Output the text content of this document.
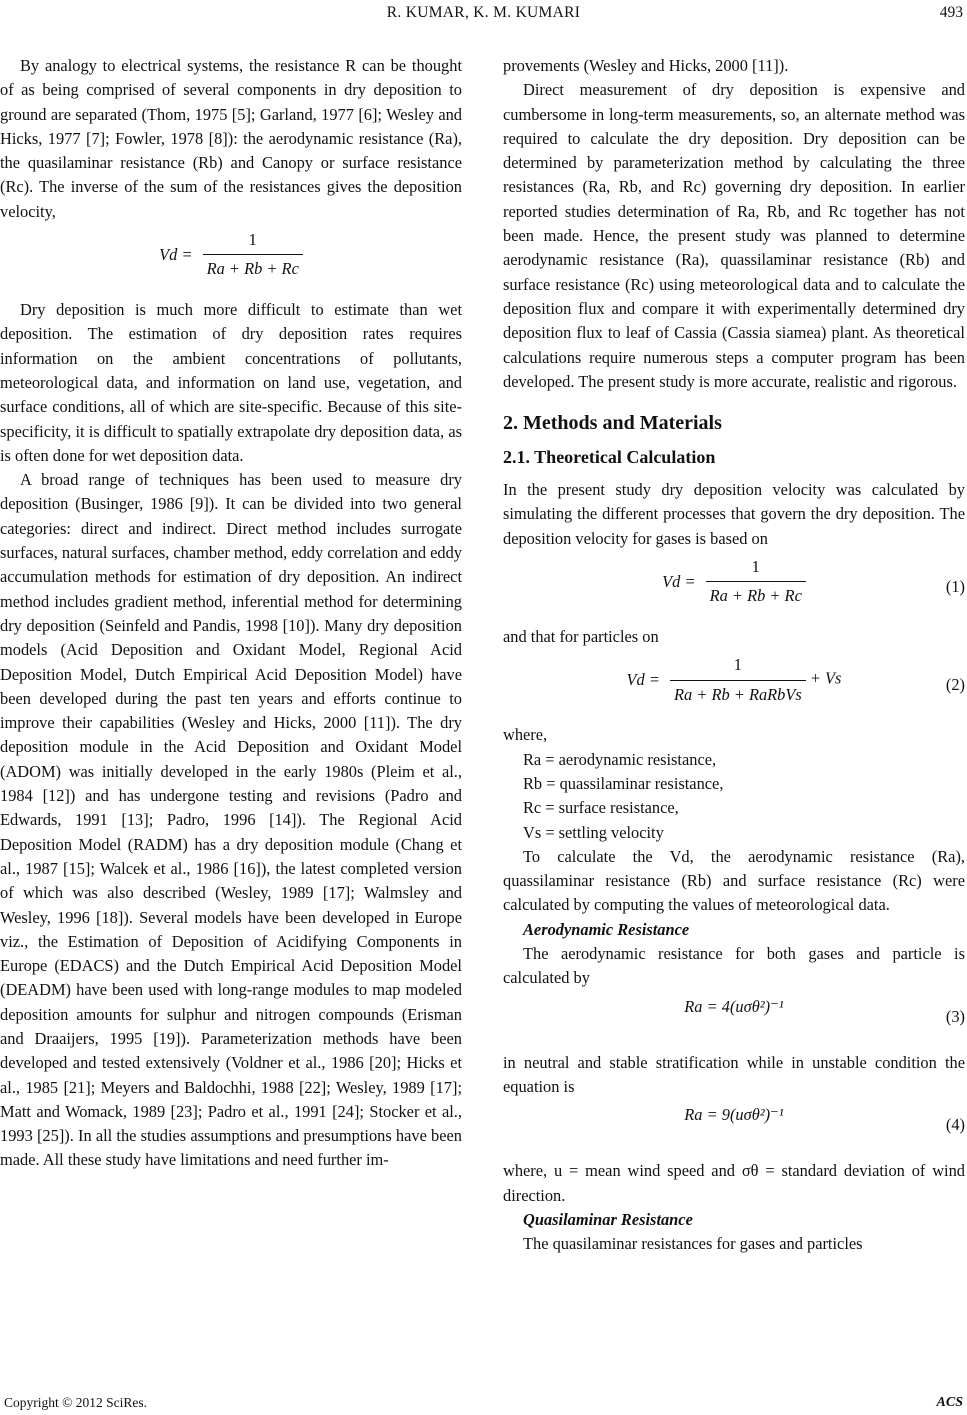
R. KUMAR, K. M. KUMARI	493

By analogy to electrical systems, the resistance R can be thought of as being comprised of several components in dry deposition to ground are separated (Thom, 1975 [5]; Garland, 1977 [6]; Wesley and Hicks, 1977 [7]; Fowler, 1978 [8]): the aerodynamic resistance (Ra), the quasilaminar resistance (Rb) and Canopy or surface resistance (Rc). The inverse of the sum of the resistances gives the deposition velocity,

Vd = 1
Ra + Rb + Rc

Dry deposition is much more difficult to estimate than wet deposition. The estimation of dry deposition rates requires information on the ambient concentrations of pollutants, meteorological data, and information on land use, vegetation, and surface conditions, all of which are site-specific. Because of this site-specificity, it is difficult to spatially extrapolate dry deposition data, as is often done for wet deposition data.

A broad range of techniques has been used to measure dry deposition (Businger, 1986 [9]). It can be divided into two general categories: direct and indirect. Direct method includes surrogate surfaces, natural surfaces, chamber method, eddy correlation and eddy accumulation methods for estimation of dry deposition. An indirect method includes gradient method, inferential method for determining dry deposition (Seinfeld and Pandis, 1998 [10]). Many dry deposition models (Acid Deposition and Oxidant Model, Regional Acid Deposition Model, Dutch Empirical Acid Deposition Model) have been developed during the past ten years and efforts continue to improve their capabilities (Wesley and Hicks, 2000 [11]). The dry deposition module in the Acid Deposition and Oxidant Model (ADOM) was initially developed in the early 1980s (Pleim et al., 1984 [12]) and has undergone testing and revisions (Padro and Edwards, 1991 [13]; Padro, 1996 [14]). The Regional Acid Deposition Model (RADM) has a dry deposition module (Chang et al., 1987 [15]; Walcek et al., 1986 [16]), the latest completed version of which was also described (Wesley, 1989 [17]; Walmsley and Wesley, 1996 [18]). Several models have been developed in Europe viz., the Estimation of Deposition of Acidifying Components in Europe (EDACS) and the Dutch Empirical Acid Deposition Model (DEADM) have been used with long-range modules to map modeled deposition amounts for sulphur and nitrogen compounds (Erisman and Draaijers, 1995 [19]). Parameterization methods have been developed and tested extensively (Voldner et al., 1986 [20]; Hicks et al., 1985 [21]; Meyers and Baldochhi, 1988 [22]; Wesley, 1989 [17]; Matt and Womack, 1989 [23]; Padro et al., 1991 [24]; Stocker et al., 1993 [25]). In all the studies assumptions and presumptions have been made. All these study have limitations and need further im-

provements (Wesley and Hicks, 2000 [11]).

Direct measurement of dry deposition is expensive and cumbersome in long-term measurements, so, an alternate method was required to calculate the dry deposition. Dry deposition can be determined by parameterization method by calculating the three resistances (Ra, Rb, and Rc) governing dry deposition. In earlier reported studies determination of Ra, Rb, and Rc together has not been made. Hence, the present study was planned to determine aerodynamic resistance (Ra), quassilaminar resistance (Rb) and surface resistance (Rc) using meteorological data and to calculate the deposition flux and compare it with experimentally determined dry deposition flux to leaf of Cassia (Cassia siamea) plant. As theoretical calculations require numerous steps a computer program has been developed. The present study is more accurate, realistic and rigorous.

2. Methods and Materials
2.1. Theoretical Calculation

In the present study dry deposition velocity was calculated by simulating the different processes that govern the dry deposition. The deposition velocity for gases is based on

Vd = 1
Ra + Rb + Rc	(1)

and that for particles on

Vd = 1
Ra + Rb + RaRbVs + Vs	(2)

where,

Ra = aerodynamic resistance,

Rb = quassilaminar resistance,

Rc = surface resistance,

Vs = settling velocity

To calculate the Vd, the aerodynamic resistance (Ra), quassilaminar resistance (Rb) and surface resistance (Rc) were calculated by computing the values of meteorological data.

Aerodynamic Resistance

The aerodynamic resistance for both gases and particle is calculated by

Ra = 4(uσθ²)⁻¹
(3)

in neutral and stable stratification while in unstable condition the equation is

Ra = 9(uσθ²)⁻¹
(4)

where, u = mean wind speed and σθ = standard deviation of wind direction.

Quasilaminar Resistance

The quasilaminar resistances for gases and particles

Copyright © 2012 SciRes.	ACS
